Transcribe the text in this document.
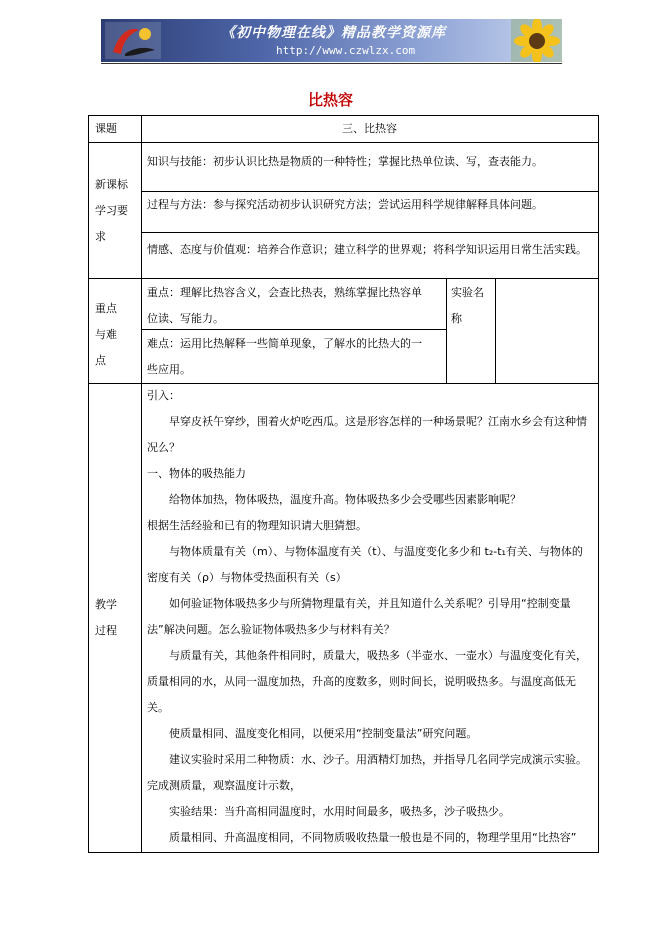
《初中物理在线》精品教学资源库
http://www.czwlzx.com
比热容
课题	三、比热容
新课标
学习要
求
知识与技能：初步认识比热是物质的一种特性；掌握比热单位读、写，查表能力。
过程与方法：参与探究活动初步认识研究方法；尝试运用科学规律解释具体问题。
情感、态度与价值观：培养合作意识；建立科学的世界观；将科学知识运用日常生活实践。
重点
与难
点
重点：理解比热容含义，会查比热表，熟练掌握比热容单
位读、写能力。
难点：运用比热解释一些简单现象，了解水的比热大的一
些应用。
实验名
称
教学
过程

引入：

早穿皮袄午穿纱，围着火炉吃西瓜。这是形容怎样的一种场景呢？江南水乡会有这种情况么？

一、物体的吸热能力

给物体加热，物体吸热，温度升高。物体吸热多少会受哪些因素影响呢？

根据生活经验和已有的物理知识请大胆猜想。

与物体质量有关（m）、与物体温度有关（t）、与温度变化多少和 t₂-t₁有关、与物体的密度有关（ρ）与物体受热面积有关（s）

如何验证物体吸热多少与所猜物理量有关，并且知道什么关系呢？引导用“控制变量法”解决问题。怎么验证物体吸热多少与材料有关？

与质量有关，其他条件相同时，质量大，吸热多（半壶水、一壶水）与温度变化有关，质量相同的水，从同一温度加热，升高的度数多，则时间长，说明吸热多。与温度高低无关。

使质量相同、温度变化相同，以便采用“控制变量法”研究问题。

建议实验时采用二种物质：水、沙子。用酒精灯加热，并指导几名同学完成演示实验。完成测质量，观察温度计示数，

实验结果：当升高相同温度时，水用时间最多，吸热多，沙子吸热少。

质量相同、升高温度相同，不同物质吸收热量一般也是不同的，物理学里用“比热容”
